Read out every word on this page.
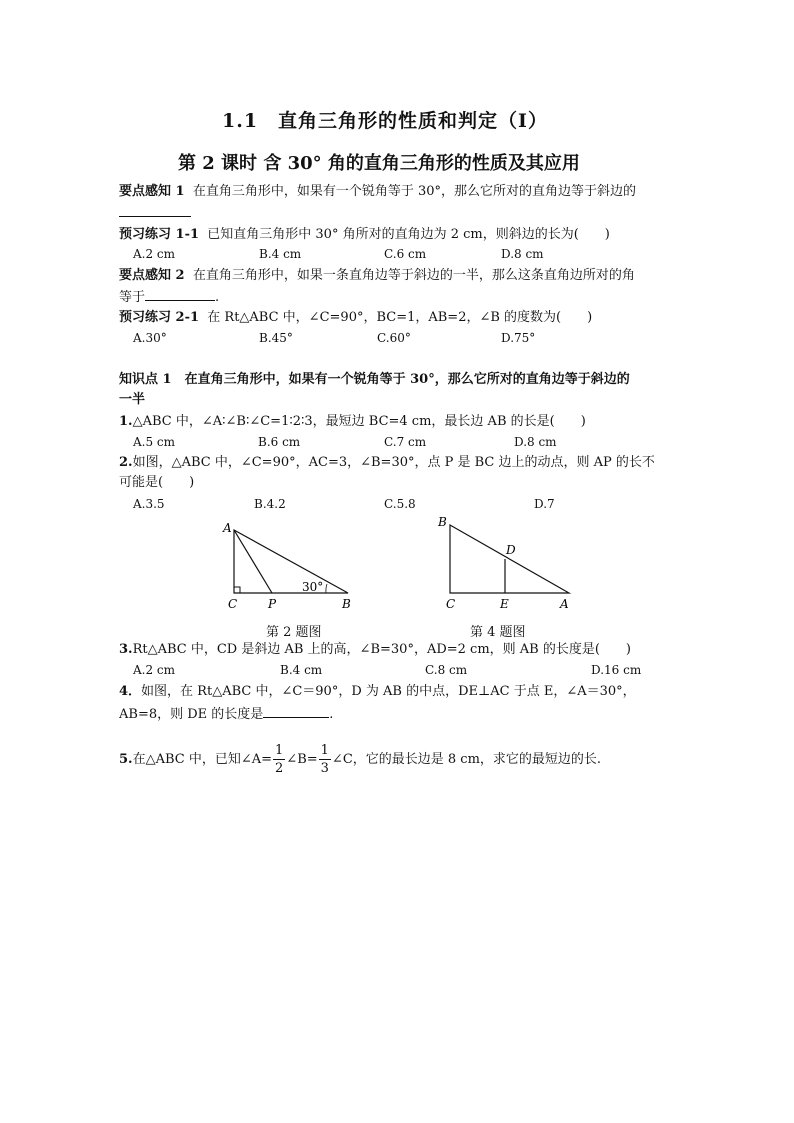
1.1　直角三角形的性质和判定（Ⅰ）
第 2 课时 含 30° 角的直角三角形的性质及其应用
要点感知 1 在直角三角形中，如果有一个锐角等于 30°，那么它所对的直角边等于斜边的
预习练习 1-1 已知直角三角形中 30° 角所对的直角边为 2 cm，则斜边的长为(　　)
A.2 cm	B.4 cm	C.6 cm	D.8 cm
要点感知 2 在直角三角形中，如果一条直角边等于斜边的一半，那么这条直角边所对的角
等于	.
预习练习 2-1 在 Rt△ABC 中，∠C=90°，BC=1，AB=2，∠B 的度数为(　　)
A.30°	B.45°	C.60°	D.75°
知识点 1　在直角三角形中，如果有一个锐角等于 30°，那么它所对的直角边等于斜边的
一半
1.△ABC 中，∠A∶∠B∶∠C=1∶2∶3，最短边 BC=4 cm，最长边 AB 的长是(　　)
A.5 cm	B.6 cm	C.7 cm	D.8 cm
2.如图，△ABC 中，∠C=90°，AC=3，∠B=30°，点 P 是 BC 边上的动点，则 AP 的长不
可能是(　　)
A.3.5	B.4.2	C.5.8	D.7
A
C	P	B
30°
第 2 题图
B
D
C	E	A
第 4 题图
3.Rt△ABC 中，CD 是斜边 AB 上的高，∠B=30°，AD=2 cm，则 AB 的长度是(　　)
A.2 cm	B.4 cm	C.8 cm	D.16 cm
4．如图，在 Rt△ABC 中，∠C＝90°，D 为 AB 的中点，DE⊥AC 于点 E，∠A＝30°，
AB=8，则 DE 的长度是	.
5.在△ABC 中，已知∠A= $\frac{1}{2}$ ∠B= $\frac{1}{3}$ ∠C，它的最长边是 8 cm，求它的最短边的长.
